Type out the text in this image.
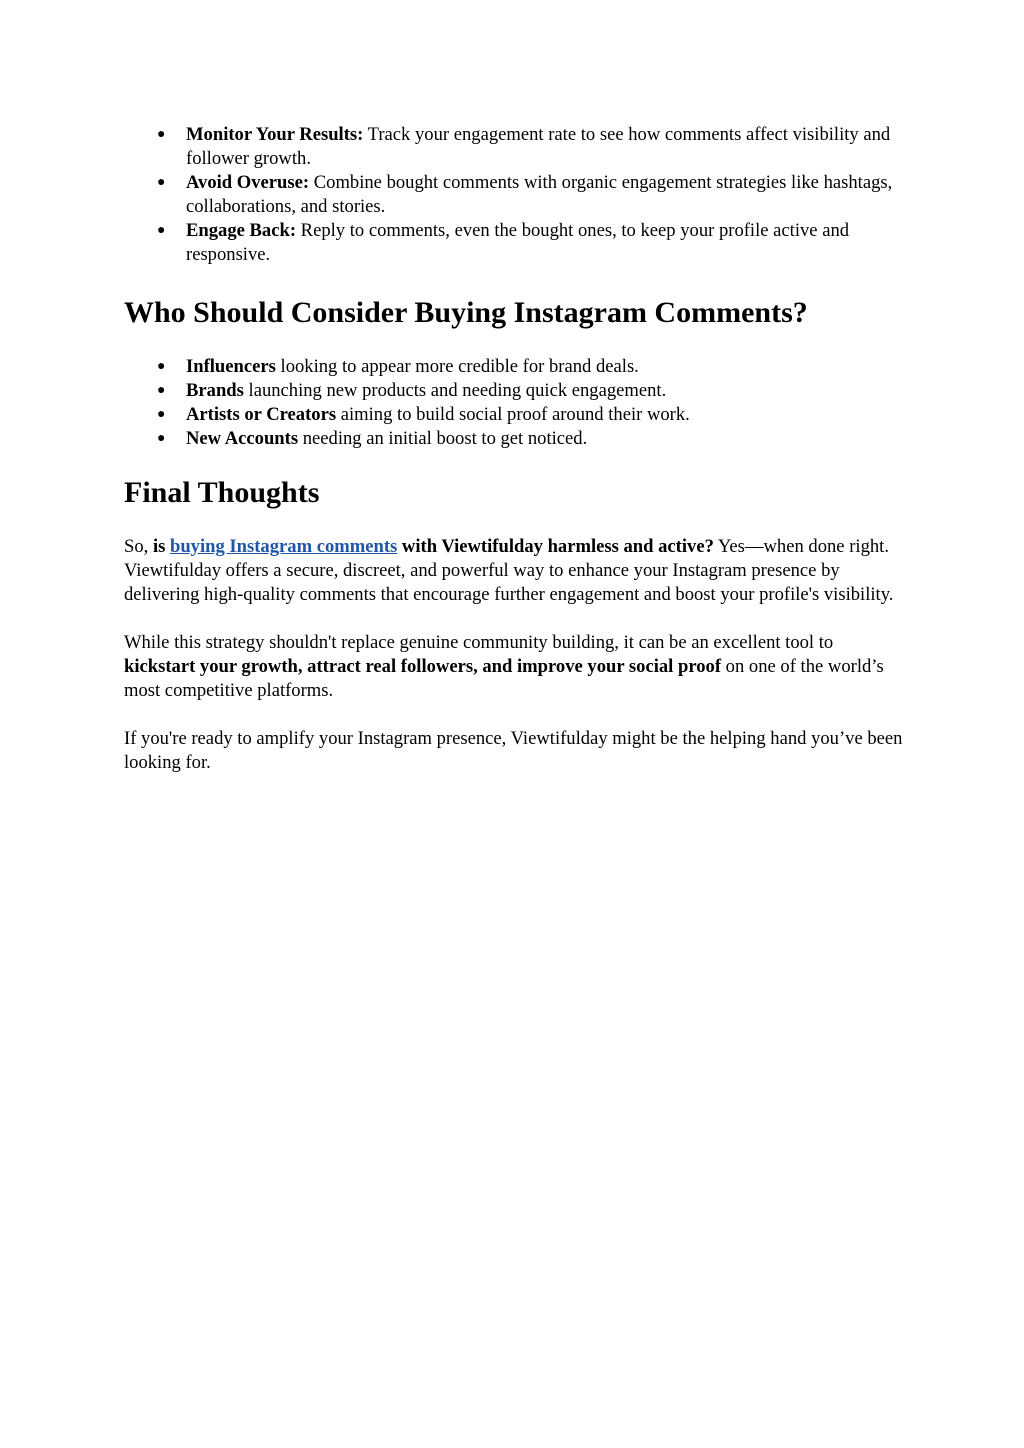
● Monitor Your Results: Track your engagement rate to see how comments affect visibility and follower growth.
● Avoid Overuse: Combine bought comments with organic engagement strategies like hashtags, collaborations, and stories.
● Engage Back: Reply to comments, even the bought ones, to keep your profile active and responsive.
Who Should Consider Buying Instagram Comments?
● Influencers looking to appear more credible for brand deals.
● Brands launching new products and needing quick engagement.
● Artists or Creators aiming to build social proof around their work.
● New Accounts needing an initial boost to get noticed.
Final Thoughts

So, is buying Instagram comments with Viewtifulday harmless and active? Yes—when done right. Viewtifulday offers a secure, discreet, and powerful way to enhance your Instagram presence by delivering high-quality comments that encourage further engagement and boost your profile's visibility.

While this strategy shouldn't replace genuine community building, it can be an excellent tool to kickstart your growth, attract real followers, and improve your social proof on one of the world’s most competitive platforms.

If you're ready to amplify your Instagram presence, Viewtifulday might be the helping hand you’ve been looking for.
